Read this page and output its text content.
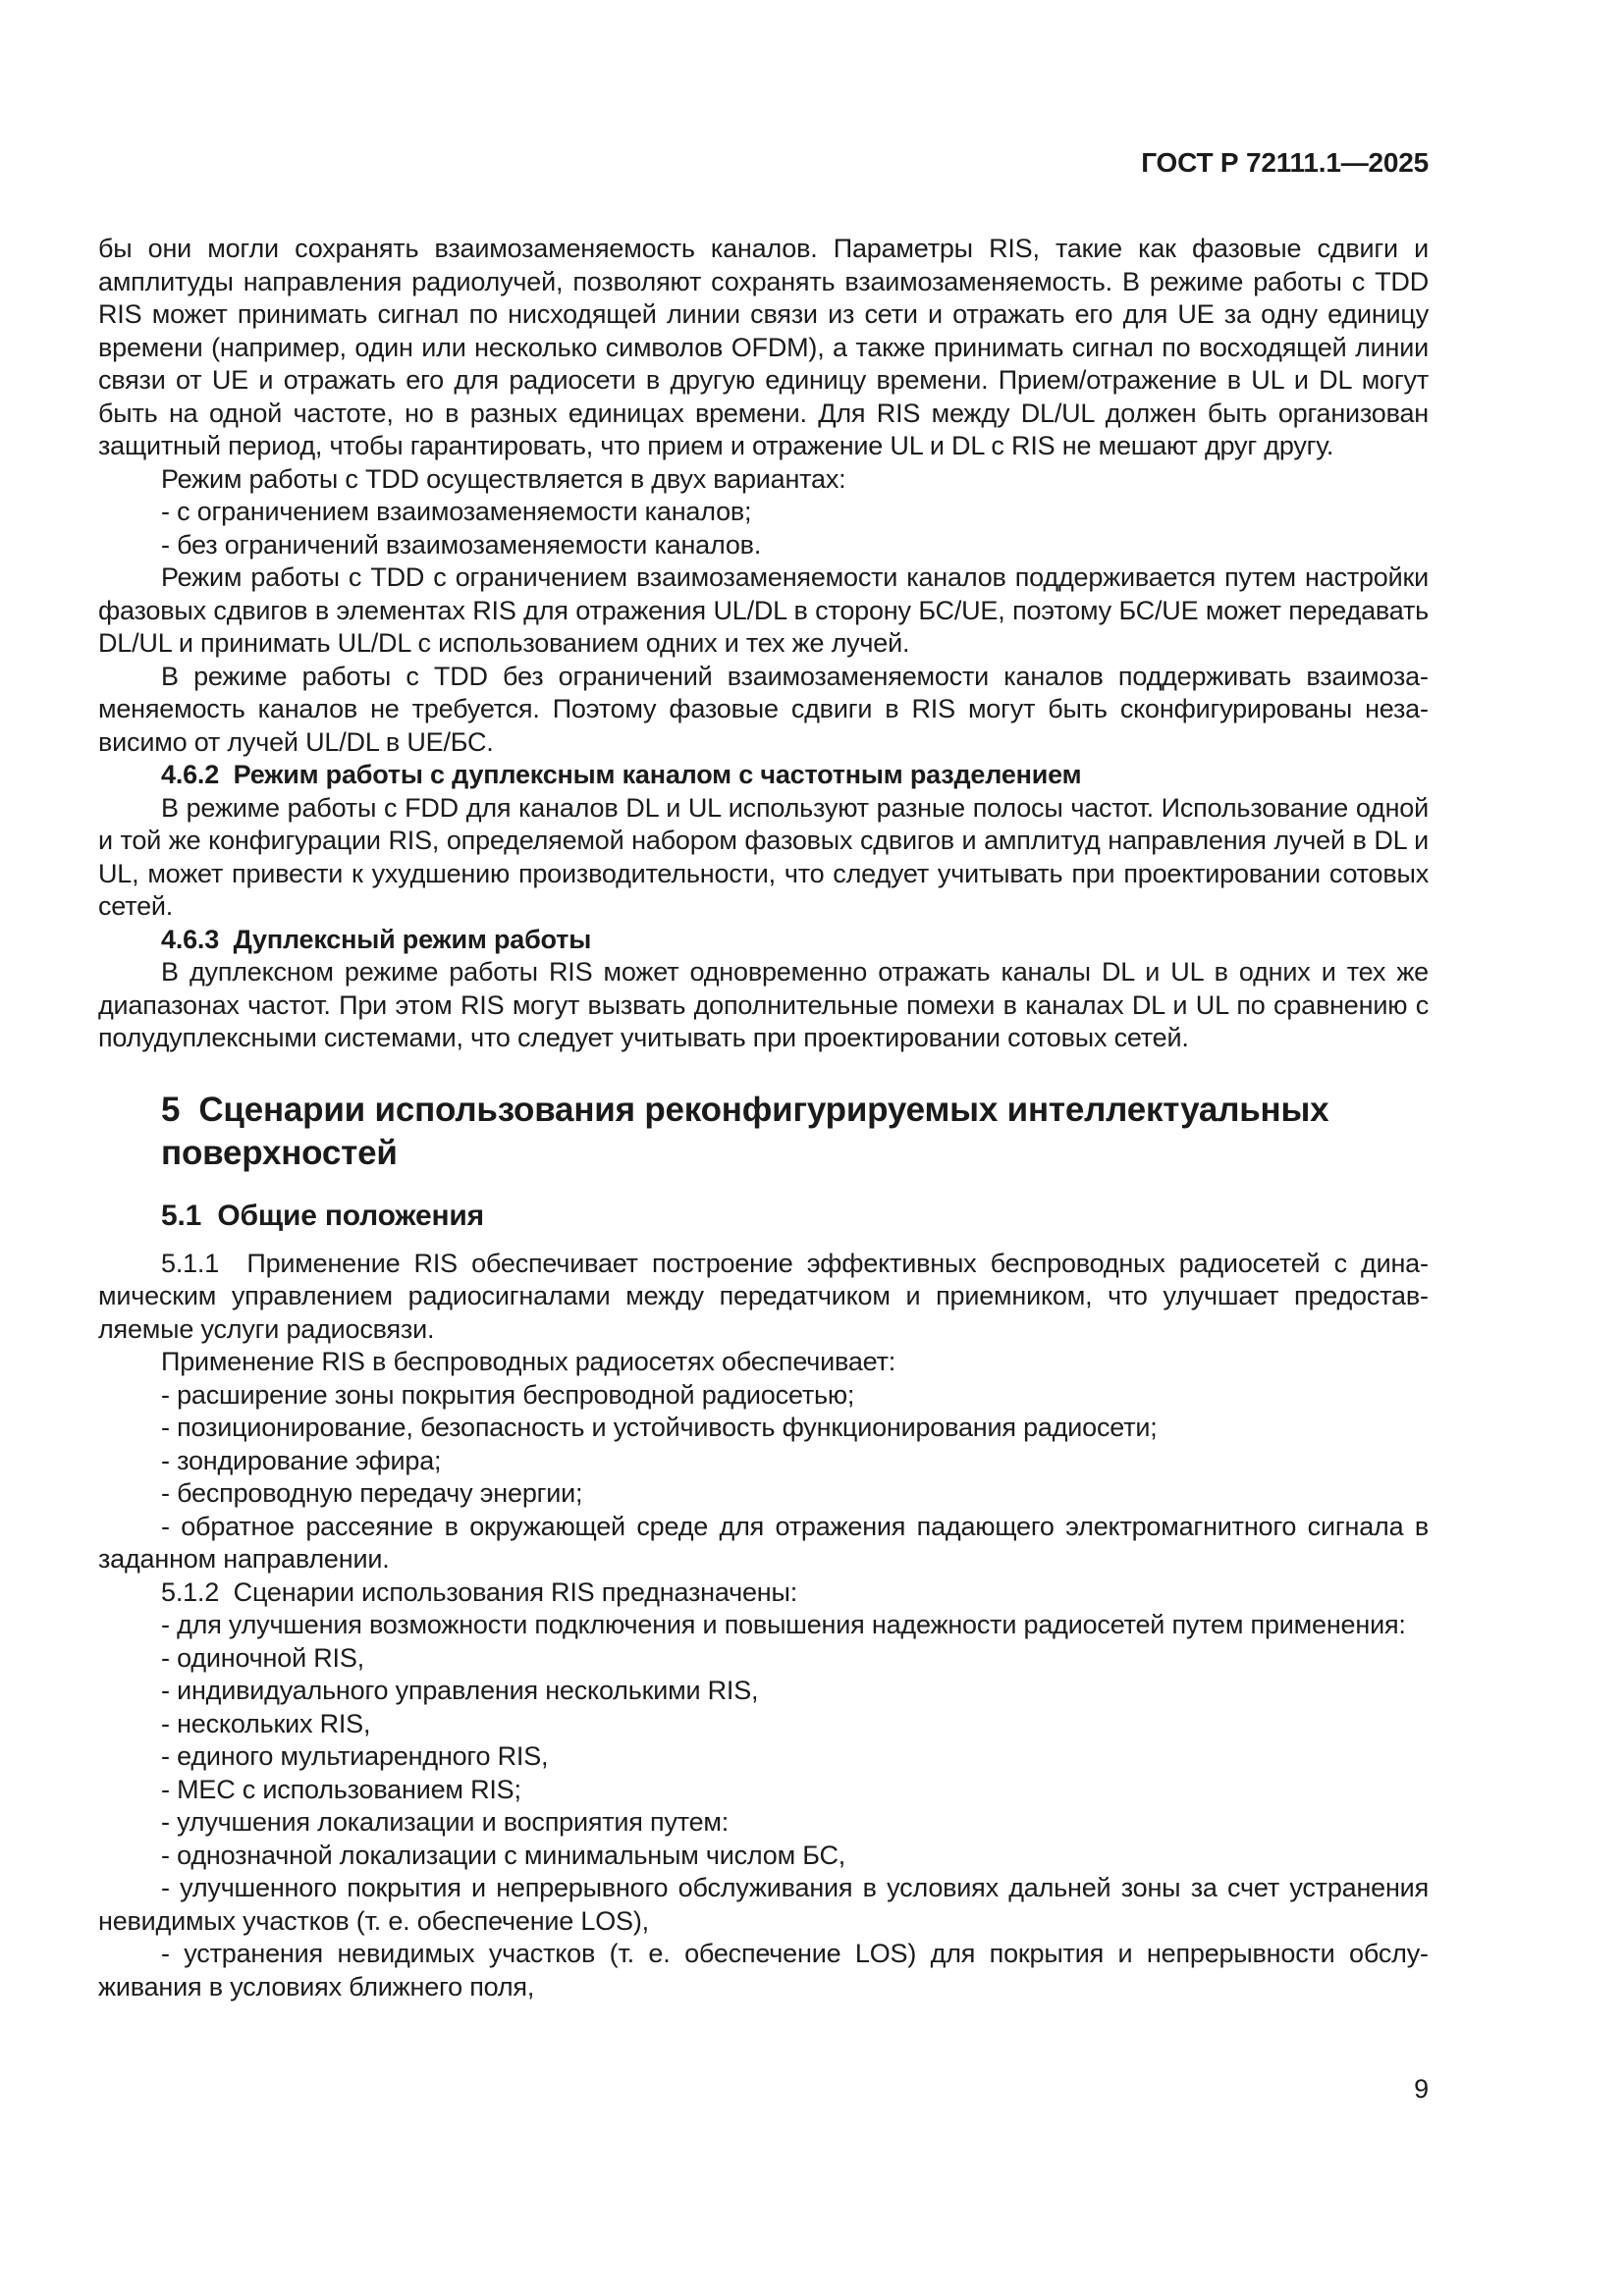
ГОСТ Р 72111.1—2025

бы они могли сохранять взаимозаменяемость каналов. Параметры RIS, такие как фазовые сдвиги и амплитуды направления радиолучей, позволяют сохранять взаимозаменяемость. В режиме работы с TDD RIS может принимать сигнал по нисходящей линии связи из сети и отражать его для UE за одну единицу времени (например, один или несколько символов OFDM), а также принимать сигнал по восходящей линии связи от UE и отражать его для радиосети в другую единицу времени. Прием/отражение в UL и DL могут быть на одной частоте, но в разных единицах времени. Для RIS между DL/UL должен быть организован защитный период, чтобы гарантировать, что прием и отражение UL и DL с RIS не мешают друг другу.

Режим работы с TDD осуществляется в двух вариантах:

- с ограничением взаимозаменяемости каналов;

- без ограничений взаимозаменяемости каналов.

Режим работы с TDD с ограничением взаимозаменяемости каналов поддерживается путем настройки фазовых сдвигов в элементах RIS для отражения UL/DL в сторону БС/UE, поэтому БС/UE может передавать DL/UL и принимать UL/DL с использованием одних и тех же лучей.

В режиме работы с TDD без ограничений взаимозаменяемости каналов поддерживать взаимозаменяемость каналов не требуется. Поэтому фазовые сдвиги в RIS могут быть сконфигурированы независимо от лучей UL/DL в UE/БС.

4.6.2  Режим работы с дуплексным каналом с частотным разделением

В режиме работы с FDD для каналов DL и UL используют разные полосы частот. Использование одной и той же конфигурации RIS, определяемой набором фазовых сдвигов и амплитуд направления лучей в DL и UL, может привести к ухудшению производительности, что следует учитывать при проектировании сотовых сетей.

4.6.3  Дуплексный режим работы

В дуплексном режиме работы RIS может одновременно отражать каналы DL и UL в одних и тех же диапазонах частот. При этом RIS могут вызвать дополнительные помехи в каналах DL и UL по сравнению с полудуплексными системами, что следует учитывать при проектировании сотовых сетей.

5  Сценарии использования реконфигурируемых интеллектуальных поверхностей
5.1  Общие положения

5.1.1  Применение RIS обеспечивает построение эффективных беспроводных радиосетей с динамическим управлением радиосигналами между передатчиком и приемником, что улучшает предоставляемые услуги радиосвязи.

Применение RIS в беспроводных радиосетях обеспечивает:

- расширение зоны покрытия беспроводной радиосетью;

- позиционирование, безопасность и устойчивость функционирования радиосети;

- зондирование эфира;

- беспроводную передачу энергии;

- обратное рассеяние в окружающей среде для отражения падающего электромагнитного сигнала в заданном направлении.

5.1.2  Сценарии использования RIS предназначены:

- для улучшения возможности подключения и повышения надежности радиосетей путем применения:

- одиночной RIS,

- индивидуального управления несколькими RIS,

- нескольких RIS,

- единого мультиарендного RIS,

- MEC с использованием RIS;

- улучшения локализации и восприятия путем:

- однозначной локализации с минимальным числом БС,

- улучшенного покрытия и непрерывного обслуживания в условиях дальней зоны за счет устранения невидимых участков (т. е. обеспечение LOS),

- устранения невидимых участков (т. е. обеспечение LOS) для покрытия и непрерывности обслуживания в условиях ближнего поля,

9
